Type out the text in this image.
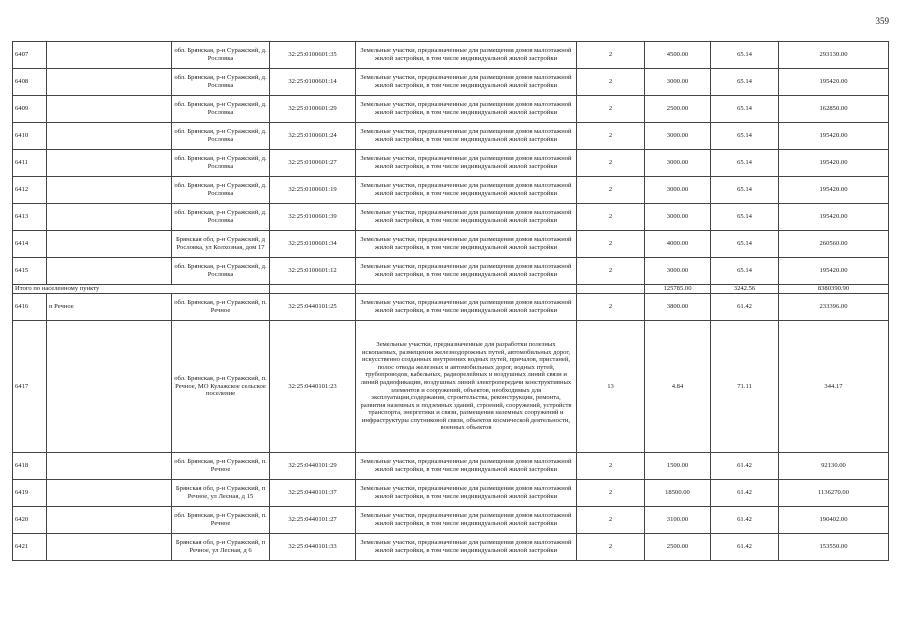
359
6407		обл. Брянская, р-н Суражский, д. Рословка	32:25:0100601:35	Земельные участки, предназначенные для размещения домов малоэтажной жилой застройки, в том числе индивидуальной жилой застройки	2	4500.00	65.14	293130.00
6408		обл. Брянская, р-н Суражский, д. Рословка	32:25:0100601:14	Земельные участки, предназначенные для размещения домов малоэтажной жилой застройки, в том числе индивидуальной жилой застройки	2	3000.00	65.14	195420.00
6409		обл. Брянская, р-н Суражский, д. Рословка	32:25:0100601:29	Земельные участки, предназначенные для размещения домов малоэтажной жилой застройки, в том числе индивидуальной жилой застройки	2	2500.00	65.14	162850.00
6410		обл. Брянская, р-н Суражский, д. Рословка	32:25:0100601:24	Земельные участки, предназначенные для размещения домов малоэтажной жилой застройки, в том числе индивидуальной жилой застройки	2	3000.00	65.14	195420.00
6411		обл. Брянская, р-н Суражский, д. Рословка	32:25:0100601:27	Земельные участки, предназначенные для размещения домов малоэтажной жилой застройки, в том числе индивидуальной жилой застройки	2	3000.00	65.14	195420.00
6412		обл. Брянская, р-н Суражский, д. Рословка	32:25:0100601:19	Земельные участки, предназначенные для размещения домов малоэтажной жилой застройки, в том числе индивидуальной жилой застройки	2	3000.00	65.14	195420.00
6413		обл. Брянская, р-н Суражский, д. Рословка	32:25:0100601:39	Земельные участки, предназначенные для размещения домов малоэтажной жилой застройки, в том числе индивидуальной жилой застройки	2	3000.00	65.14	195420.00
6414		Брянская обл, р-н Суражский, д Рословка, ул Колхозная, дом 17	32:25:0100601:34	Земельные участки, предназначенные для размещения домов малоэтажной жилой застройки, в том числе индивидуальной жилой застройки	2	4000.00	65.14	260560.00
6415		обл. Брянская, р-н Суражский, д. Рословка	32:25:0100601:12	Земельные участки, предназначенные для размещения домов малоэтажной жилой застройки, в том числе индивидуальной жилой застройки	2	3000.00	65.14	195420.00
Итого по населенному пункту						125785.00	3242.56	8380390.90
6416	п Речное	обл. Брянская, р-н Суражский, п. Речное	32:25:0440101:25	Земельные участки, предназначенные для размещения домов малоэтажной жилой застройки, в том числе индивидуальной жилой застройки	2	3800.00	61.42	233396.00
6417		обл. Брянская, р-н Суражский, п. Речное, МО Кулажское сельское поселение	32:25:0440101:23	Земельные участки, предназначенные для разработки полезных ископаемых, размещения железнодорожных путей, автомобильных дорог, искусственно созданных внутренних водных путей, причалов, пристаней, полос отвода железных и автомобильных дорог, водных путей, трубопроводов, кабельных, радиорелейных и воздушных линий связи и линий радиофикации, воздушных линий электропередачи конструктивных элементов и сооружений, объектов, необходимых для эксплуатации,содержания, строительства, реконструкции, ремонта, развития наземных и подземных зданий, строений, сооружений, устройств транспорта, энергетики и связи, размещения наземных сооружений и инфраструктуры спутниковой связи, объектов космической деятельности, военных объектов	13	4.84	71.11	344.17
6418		обл. Брянская, р-н Суражский, п. Речное	32:25:0440101:29	Земельные участки, предназначенные для размещения домов малоэтажной жилой застройки, в том числе индивидуальной жилой застройки	2	1500.00	61.42	92130.00
6419		Брянская обл, р-н Суражский, п Речное, ул Лесная, д 15	32:25:0440101:37	Земельные участки, предназначенные для размещения домов малоэтажной жилой застройки, в том числе индивидуальной жилой застройки	2	18500.00	61.42	1136270.00
6420		обл. Брянская, р-н Суражский, п. Речное	32:25:0440101:27	Земельные участки, предназначенные для размещения домов малоэтажной жилой застройки, в том числе индивидуальной жилой застройки	2	3100.00	61.42	190402.00
6421		Брянская обл, р-н Суражский, п Речное, ул Лесная, д 6	32:25:0440101:33	Земельные участки, предназначенные для размещения домов малоэтажной жилой застройки, в том числе индивидуальной жилой застройки	2	2500.00	61.42	153550.00
